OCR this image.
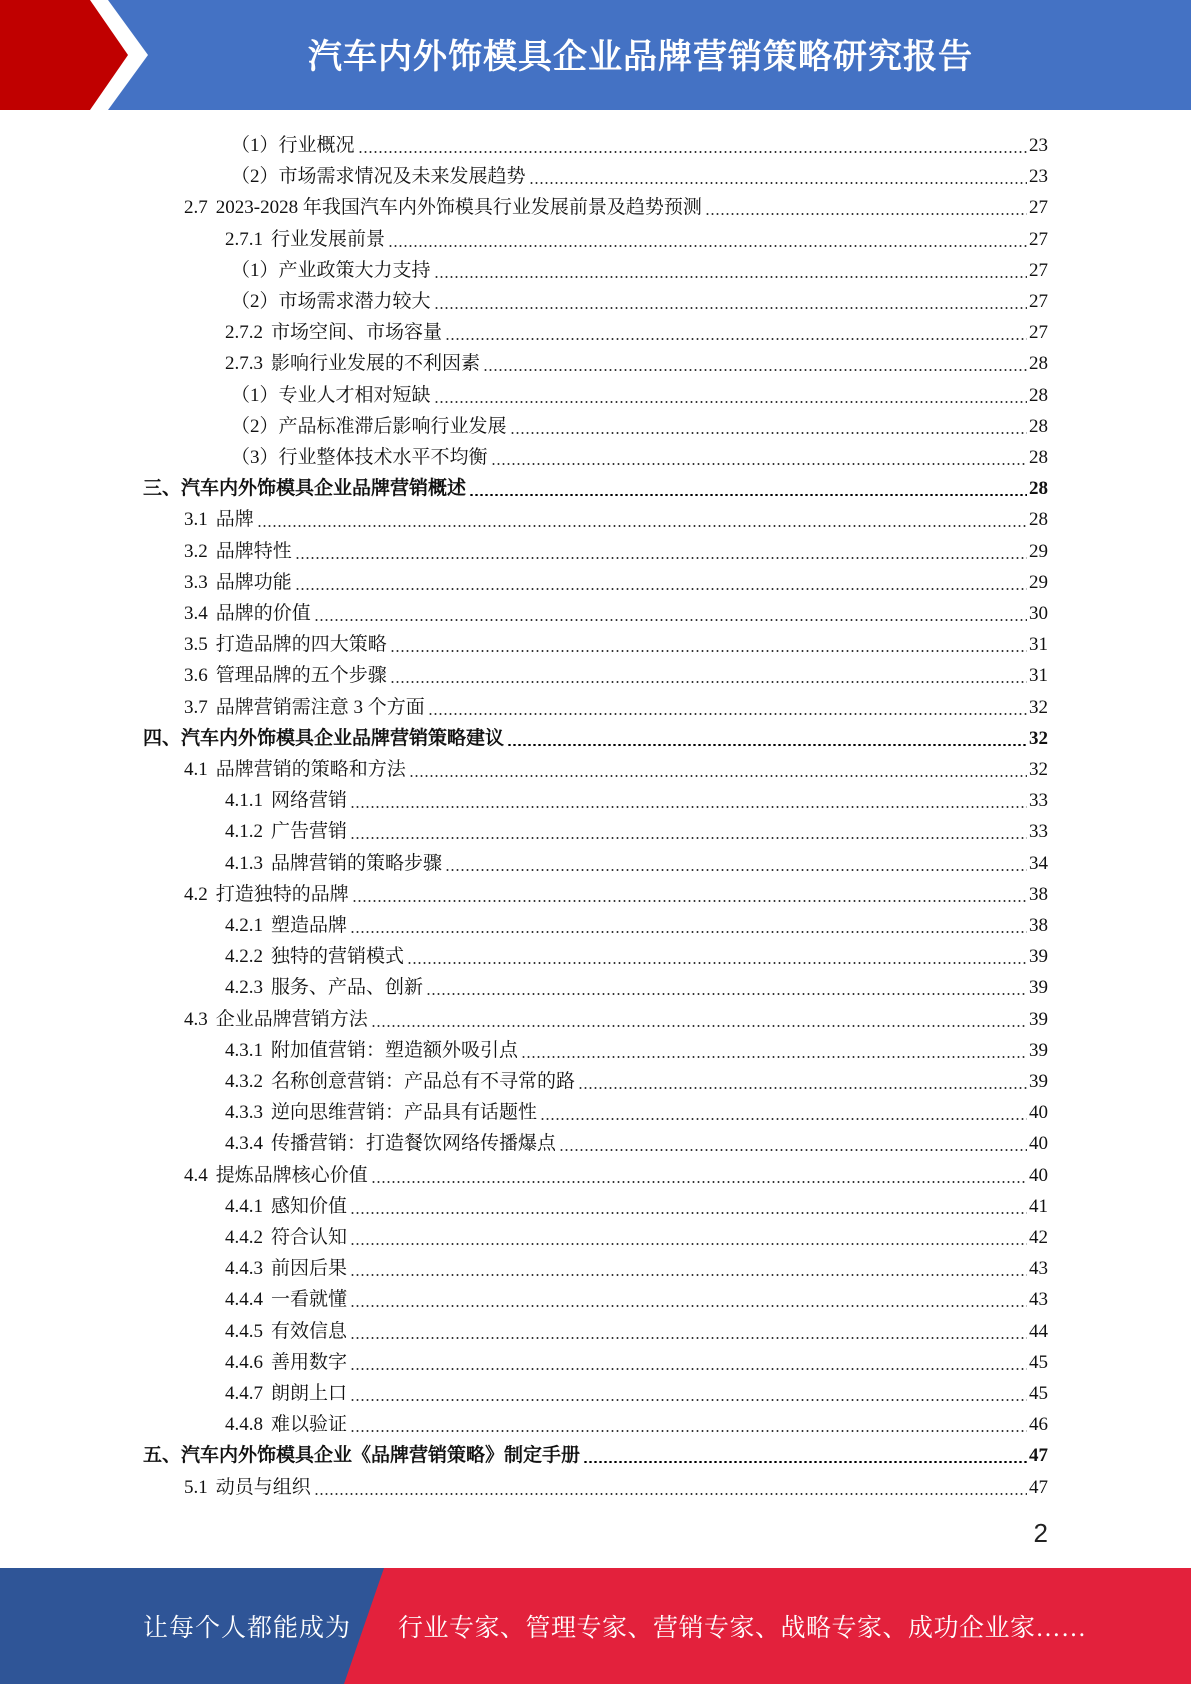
汽车内外饰模具企业品牌营销策略研究报告
（1）行业概况	23
（2）市场需求情况及未来发展趋势	23
2.7 2023-2028 年我国汽车内外饰模具行业发展前景及趋势预测	27
2.7.1 行业发展前景	27
（1）产业政策大力支持	27
（2）市场需求潜力较大	27
2.7.2 市场空间、市场容量	27
2.7.3 影响行业发展的不利因素	28
（1）专业人才相对短缺	28
（2）产品标准滞后影响行业发展	28
（3）行业整体技术水平不均衡	28
三、汽车内外饰模具企业品牌营销概述	28
3.1 品牌	28
3.2 品牌特性	29
3.3 品牌功能	29
3.4 品牌的价值	30
3.5 打造品牌的四大策略	31
3.6 管理品牌的五个步骤	31
3.7 品牌营销需注意 3 个方面	32
四、汽车内外饰模具企业品牌营销策略建议	32
4.1 品牌营销的策略和方法	32
4.1.1 网络营销	33
4.1.2 广告营销	33
4.1.3 品牌营销的策略步骤	34
4.2 打造独特的品牌	38
4.2.1 塑造品牌	38
4.2.2 独特的营销模式	39
4.2.3 服务、产品、创新	39
4.3 企业品牌营销方法	39
4.3.1 附加值营销：塑造额外吸引点	39
4.3.2 名称创意营销：产品总有不寻常的路	39
4.3.3 逆向思维营销：产品具有话题性	40
4.3.4 传播营销：打造餐饮网络传播爆点	40
4.4 提炼品牌核心价值	40
4.4.1 感知价值	41
4.4.2 符合认知	42
4.4.3 前因后果	43
4.4.4 一看就懂	43
4.4.5 有效信息	44
4.4.6 善用数字	45
4.4.7 朗朗上口	45
4.4.8 难以验证	46
五、汽车内外饰模具企业《品牌营销策略》制定手册	47
5.1 动员与组织	47
2
让每个人都能成为 行业专家、管理专家、营销专家、战略专家、成功企业家……
